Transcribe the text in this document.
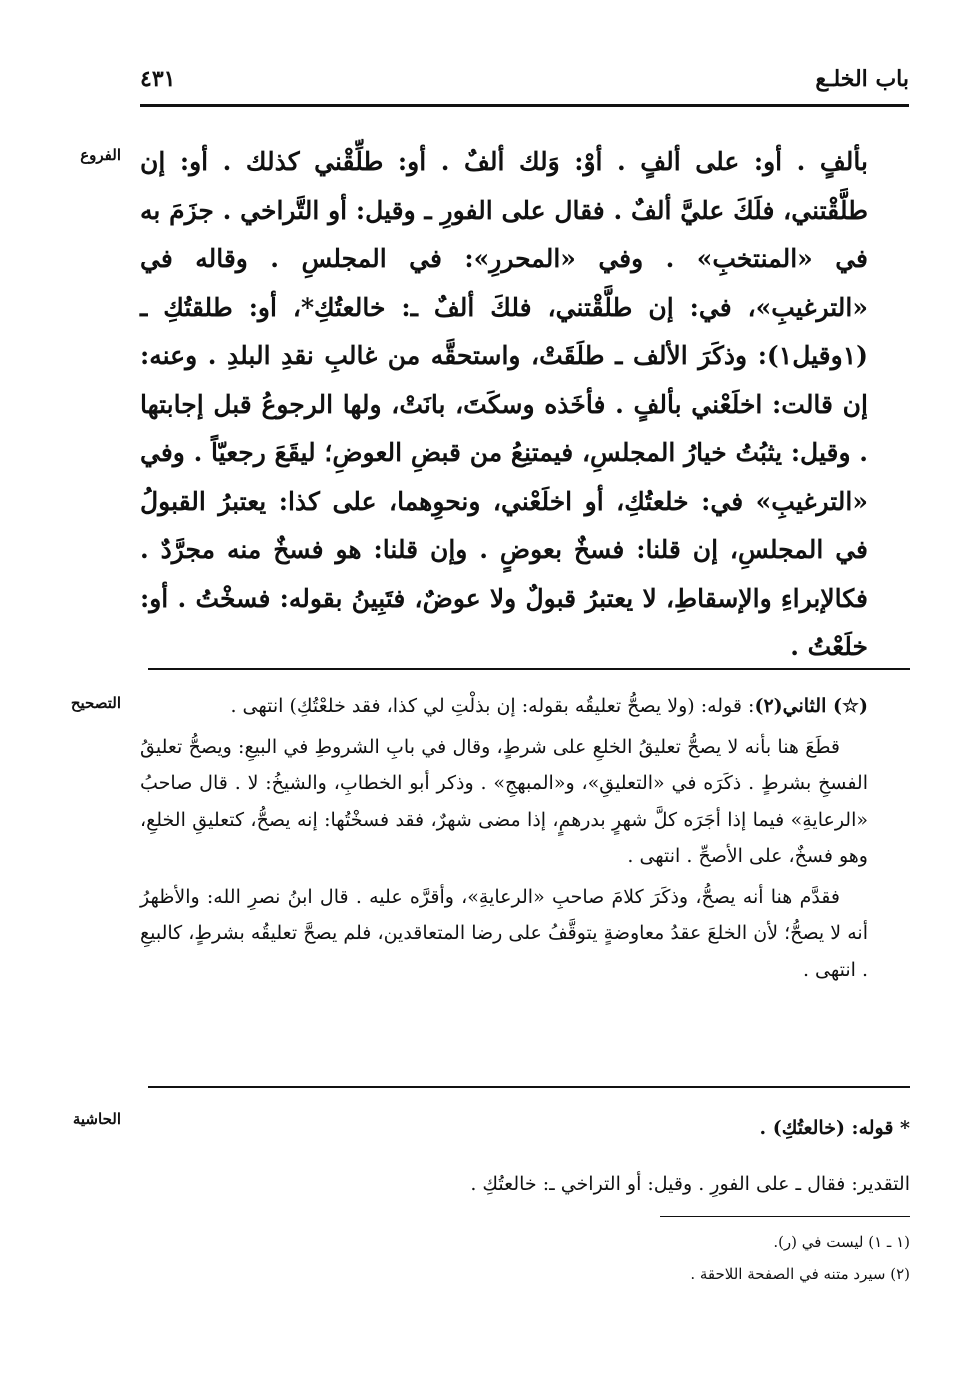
باب الخلـع
٤٣١
الفروع
التصحيح
الحاشية

بألفٍ . أو: على ألفٍ . أوْ: وَلك ألفٌ . أو: طلِّقْني كذلك . أو: إن طلَّقْتني، فلَكَ عليَّ ألفٌ . فقال على الفورِ ـ وقيل: أو التَّراخي . جزَمَ به في «المنتخبِ» . وفي «المحررِ»: في المجلسِ . وقاله في «الترغيبِ»، في: إن طلَّقْتني، فلكَ ألفٌ ـ: خالعتُكِ*، أو: طلقتُكِ ـ (١وقيل١): وذكَرَ الألف ـ طلَقَتْ، واستحقَّه من غالبِ نقدِ البلدِ . وعنه: إن قالت: اخلَعْني بألفٍ . فأخَذه وسكَتَ، بانَتْ، ولها الرجوعُ قبل إجابتها . وقيل: يثبُتُ خيارُ المجلسِ، فيمتنِعُ من قبضِ العوضِ؛ ليقَعَ رجعيّاً . وفي «الترغيبِ» في: خلعتُكِ، أو اخلَعْني، ونحوِهما، على كذا: يعتبرُ القبولُ في المجلسِ، إن قلنا: فسخٌ بعوضٍ . وإن قلنا: هو فسخٌ منه مجرَّدٌ . فكالإبراءِ والإسقاطِ، لا يعتبرُ قبولٌ ولا عوضٌ، فتَبِينُ بقوله: فسخْتُ . أو: خلَعْتُ .

(☆) الثاني(٢): قوله: (ولا يصحُّ تعليقُه بقوله: إن بذلْتِ لي كذا، فقد خلعْتُكِ) انتهى .

قطَعَ هنا بأنه لا يصحُّ تعليقُ الخلعِ على شرطٍ، وقال في بابِ الشروطِ في البيعِ: ويصحُّ تعليقُ الفسخِ بشرطٍ . ذكَرَه في «التعليقِ»، و«المبهجِ» . وذكر أبو الخطابِ، والشيخُ: لا . قال صاحبُ «الرعايةِ» فيما إذا أجَرَه كلَّ شهرٍ بدرهمٍ، إذا مضى شهرٌ، فقد فسخْتُها: إنه يصحُّ، كتعليقِ الخلعِ، وهو فسخٌ، على الأصحِّ . انتهى .

فقدَّم هنا أنه يصحُّ، وذكَرَ كلامَ صاحبِ «الرعايةِ»، وأقرَّه عليه . قال ابنُ نصرِ الله: والأظهرُ أنه لا يصحُّ؛ لأن الخلعَ عقدُ معاوضةٍ يتوقَّفُ على رضا المتعاقدين، فلم يصحَّ تعليقُه بشرطٍ، كالبيعِ . انتهى .

* قوله: (خالعتُكِ) .

التقدير: فقال ـ على الفورِ . وقيل: أو التراخي ـ: خالعتُكِ .

(١ ـ ١) ليست في (ر).

(٢) سيرد متنه في الصفحة اللاحقة .
